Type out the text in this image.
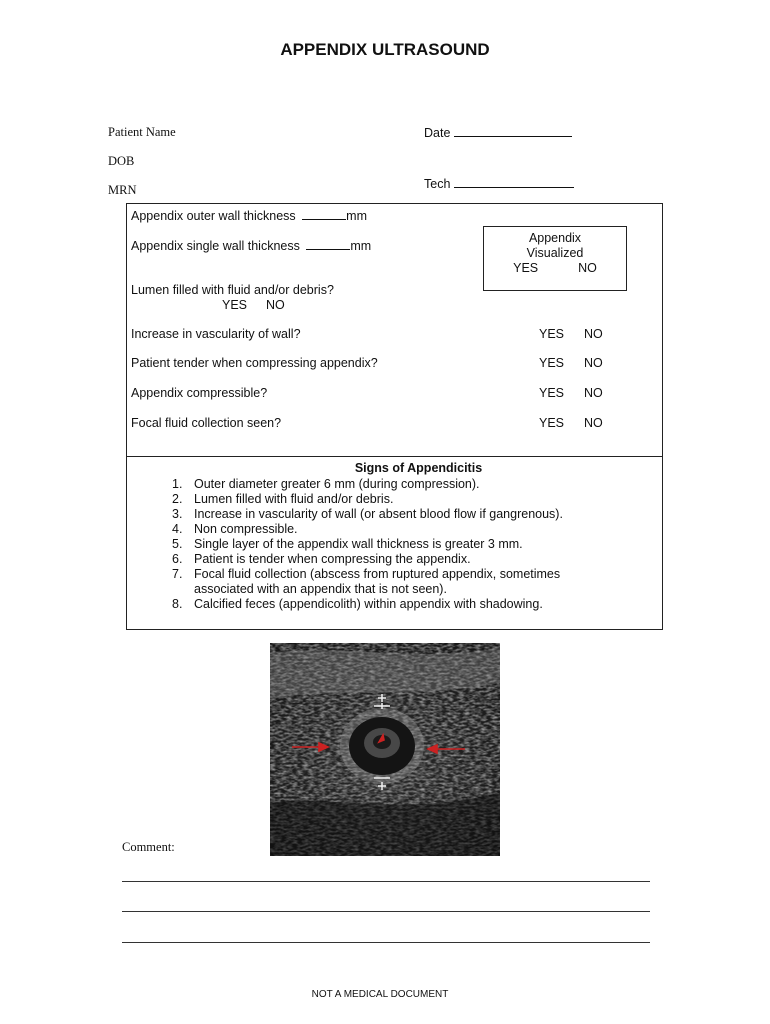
APPENDIX ULTRASOUND
Patient Name	Date
DOB
Tech
MRN
Appendix outer wall thickness	mm
Appendix single wall thickness	mm
Appendix
Visualized
YES	NO
Lumen filled with fluid and/or debris?
YES NO
Increase in vascularity of wall?	YES NO
Patient tender when compressing appendix?	YES NO
Appendix compressible?	YES NO
Focal fluid collection seen?	YES NO
Signs of Appendicitis
1. Outer diameter greater 6 mm (during compression).
2. Lumen filled with fluid and/or debris.
3. Increase in vascularity of wall (or absent blood flow if gangrenous).
4. Non compressible.
5. Single layer of the appendix wall thickness is greater 3 mm.
6. Patient is tender when compressing the appendix.
7. Focal fluid collection (abscess from ruptured appendix, sometimes associated with an appendix that is not seen).
8. Calcified feces (appendicolith) within appendix with shadowing.
Comment:
NOT A MEDICAL DOCUMENT
